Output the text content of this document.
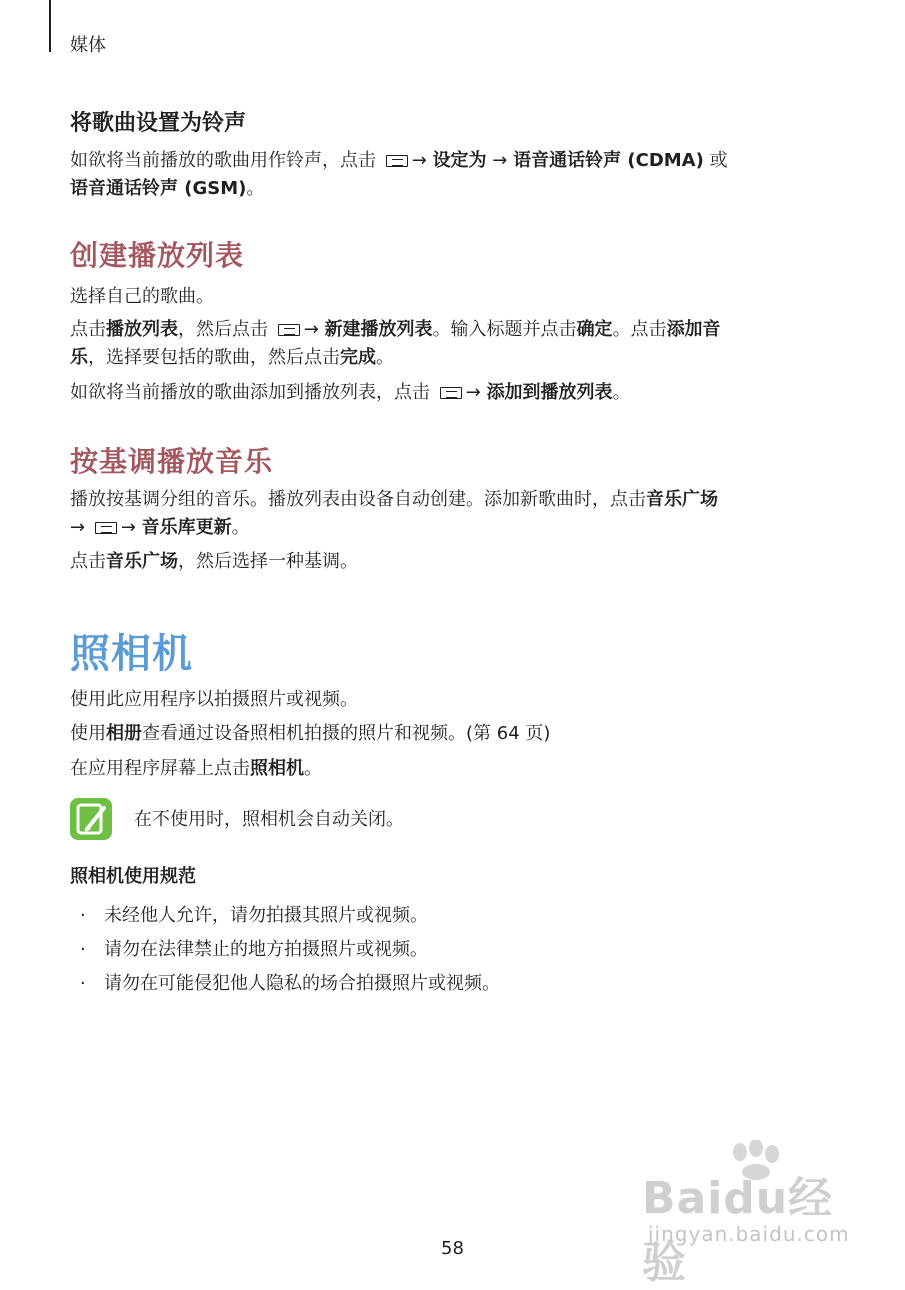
媒体
将歌曲设置为铃声
如欲将当前播放的歌曲用作铃声，点击 → 设定为 → 语音通话铃声 (CDMA) 或
语音通话铃声 (GSM)。
创建播放列表
选择自己的歌曲。
点击播放列表，然后点击 → 新建播放列表。输入标题并点击确定。点击添加音
乐，选择要包括的歌曲，然后点击完成。
如欲将当前播放的歌曲添加到播放列表，点击 → 添加到播放列表。
按基调播放音乐
播放按基调分组的音乐。播放列表由设备自动创建。添加新歌曲时，点击音乐广场
→ → 音乐库更新。
点击音乐广场，然后选择一种基调。
照相机
使用此应用程序以拍摄照片或视频。
使用相册查看通过设备照相机拍摄的照片和视频。(第 64 页)
在应用程序屏幕上点击照相机。
在不使用时，照相机会自动关闭。
照相机使用规范
· 未经他人允许，请勿拍摄其照片或视频。
· 请勿在法律禁止的地方拍摄照片或视频。
· 请勿在可能侵犯他人隐私的场合拍摄照片或视频。
Baidu经验
jingyan.baidu.com
58
